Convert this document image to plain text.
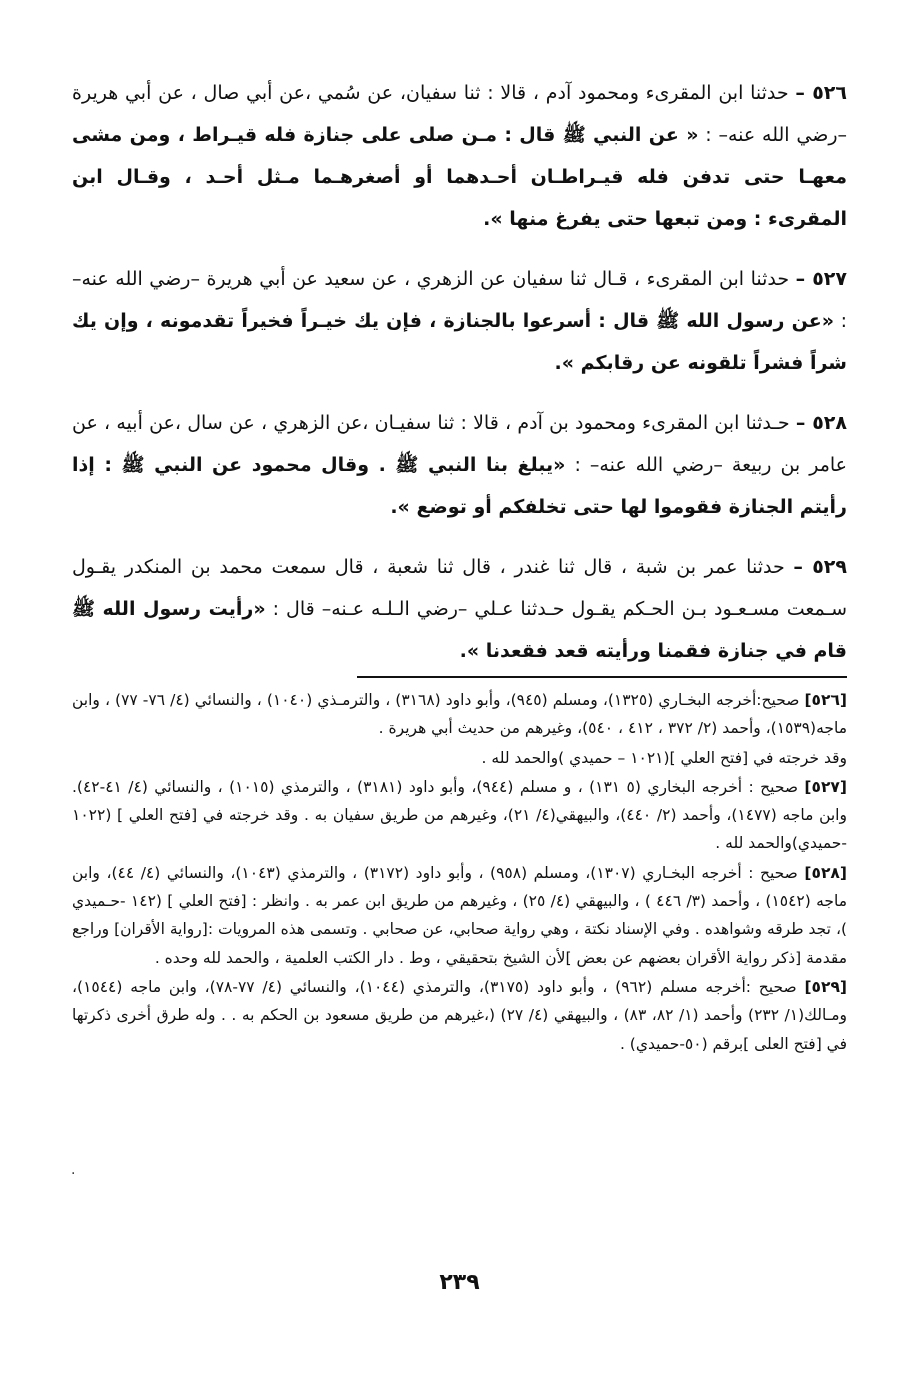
٥٢٦ – حدثنا ابن المقرىء ومحمود آدم ، قالا : ثنا سفيان، عن سُمي ،عن أبي صال ، عن أبي هريرة –رضي الله عنه– : « عن النبي ﷺ قال : مـن صلى على جنازة فله قيـراط ، ومن مشى معهـا حتى تدفن فله قيـراطـان أحـدهما أو أصغرهـما مـثل أحـد ، وقـال ابن المقرىء : ومن تبعها حتى يفرغ منها ».

٥٢٧ – حدثنا ابن المقرىء ، قـال ثنا سفيان عن الزهري ، عن سعيد عن أبي هريرة –رضي الله عنه– : «عن رسول الله ﷺ قال : أسرعوا بالجنازة ، فإن يك خيـراً فخيراً تقدمونه ، وإن يك شراً فشراً تلقونه عن رقابكم ».

٥٢٨ – حـدثنا ابن المقرىء ومحمود بن آدم ، قالا : ثنا سفيـان ،عن الزهري ، عن سال ،عن أبيه ، عن عامر بن ربيعة –رضي الله عنه– : «يبلغ بنا النبي ﷺ . وقال محمود عن النبي ﷺ : إذا رأيتم الجنازة فقوموا لها حتى تخلفكم أو توضع ».

٥٢٩ – حدثنا عمر بن شبة ، قال ثنا غندر ، قال ثنا شعبة ، قال سمعت محمد بن المنكدر يقـول سـمعت مسـعـود بـن الحـكم يقـول حـدثنا عـلي –رضي الـلـه عـنه– قال : «رأيت رسول الله ﷺ قام في جنازة فقمنا ورأيته قعد فقعدنا ».

[٥٢٦] صحيح:أخرجه البخـاري (١٣٢٥)، ومسلم (٩٤٥)، وأبو داود (٣١٦٨) ، والترمـذي (١٠٤٠) ، والنسائي (٤/ ٧٦- ٧٧) ، وابن ماجه(١٥٣٩)، وأحمد (٢/ ٣٧٢ ، ٤١٢ ، ٥٤٠)، وغيرهم من حديث أبي هريرة .

وقد خرجته في [فتح العلي ](١٠٢١ – حميدي )والحمد لله .

[٥٢٧] صحيح : أخرجه البخاري (٥ ١٣١) ، و مسلم (٩٤٤)، وأبو داود (٣١٨١) ، والترمذي (١٠١٥) ، والنسائي (٤/ ٤١-٤٢). وابن ماجه (١٤٧٧)، وأحمد (٢/ ٤٤٠)، والبيهقي(٤/ ٢١)، وغيرهم من طريق سفيان به . وقد خرجته في [فتح العلي ] (١٠٢٢ -حميدي)والحمد لله .

[٥٢٨] صحيح : أخرجه البخـاري (١٣٠٧)، ومسلم (٩٥٨) ، وأبو داود (٣١٧٢) ، والترمذي (١٠٤٣)، والنسائي (٤/ ٤٤)، وابن ماجه (١٥٤٢) ، وأحمد (٣/ ٤٤٦ ) ، والبيهقي (٤/ ٢٥) ، وغيرهم من طريق ابن عمر به . وانظر : [فتح العلي ] (١٤٢ -حـميدي )، تجد طرقه وشواهده . وفي الإسناد نكتة ، وهي رواية صحابي، عن صحابي . وتسمى هذه المرويات :[رواية الأقران] وراجع مقدمة [ذكر رواية الأقران بعضهم عن بعض ]لأن الشيخ بتحقيقي ، وط . دار الكتب العلمية ، والحمد لله وحده .

[٥٢٩] صحيح :أخرجه مسلم (٩٦٢) ، وأبو داود (٣١٧٥)، والترمذي (١٠٤٤)، والنسائي (٤/ ٧٧-٧٨)، وابن ماجه (١٥٤٤)، ومـالك(١/ ٢٣٢) وأحمد (١/ ٨٢، ٨٣) ، والبيهقي (٤/ ٢٧) (،غيرهم من طريق مسعود بن الحكم به . . وله طرق أخرى ذكرتها في [فتح العلى ]برقم (٥٠-حميدي) .

.
٢٣٩
